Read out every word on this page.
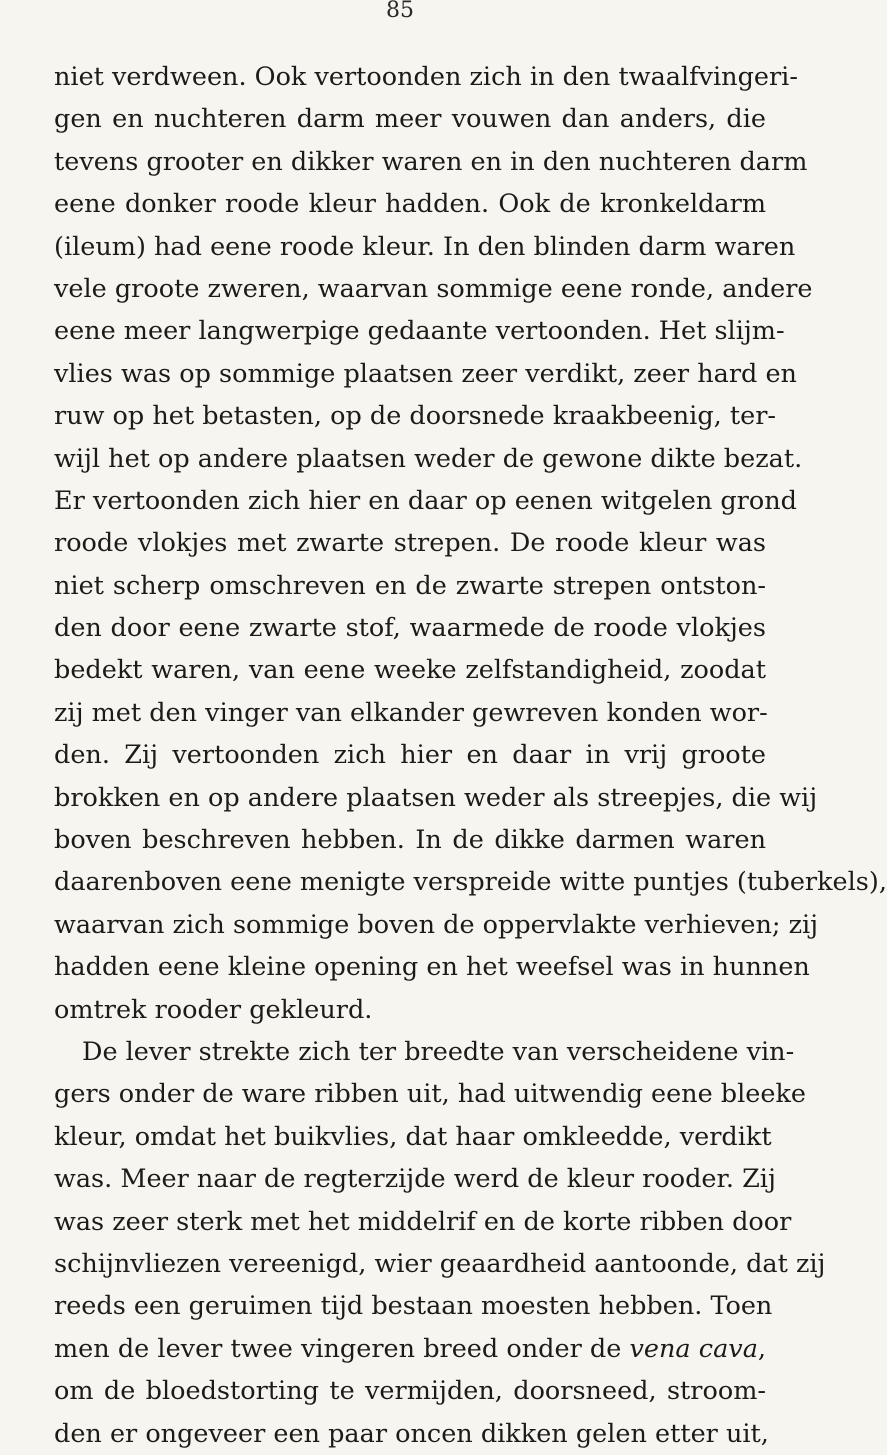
85
niet verdween. Ook vertoonden zich in den twaalfvingeri-
gen en nuchteren darm meer vouwen dan anders, die
tevens grooter en dikker waren en in den nuchteren darm
eene donker roode kleur hadden. Ook de kronkeldarm
(ileum) had eene roode kleur. In den blinden darm waren
vele groote zweren, waarvan sommige eene ronde, andere
eene meer langwerpige gedaante vertoonden. Het slijm-
vlies was op sommige plaatsen zeer verdikt, zeer hard en
ruw op het betasten, op de doorsnede kraakbeenig, ter-
wijl het op andere plaatsen weder de gewone dikte bezat.
Er vertoonden zich hier en daar op eenen witgelen grond
roode vlokjes met zwarte strepen. De roode kleur was
niet scherp omschreven en de zwarte strepen ontston-
den door eene zwarte stof, waarmede de roode vlokjes
bedekt waren, van eene weeke zelfstandigheid, zoodat
zij met den vinger van elkander gewreven konden wor-
den. Zij vertoonden zich hier en daar in vrij groote
brokken en op andere plaatsen weder als streepjes, die wij
boven beschreven hebben. In de dikke darmen waren
daarenboven eene menigte verspreide witte puntjes (tuberkels),
waarvan zich sommige boven de oppervlakte verhieven; zij
hadden eene kleine opening en het weefsel was in hunnen
omtrek rooder gekleurd.
De lever strekte zich ter breedte van verscheidene vin-
gers onder de ware ribben uit, had uitwendig eene bleeke
kleur, omdat het buikvlies, dat haar omkleedde, verdikt
was. Meer naar de regterzijde werd de kleur rooder. Zij
was zeer sterk met het middelrif en de korte ribben door
schijnvliezen vereenigd, wier geaardheid aantoonde, dat zij
reeds een geruimen tijd bestaan moesten hebben. Toen
men de lever twee vingeren breed onder de vena cava,
om de bloedstorting te vermijden, doorsneed, stroom-
den er ongeveer een paar oncen dikken gelen etter uit,
